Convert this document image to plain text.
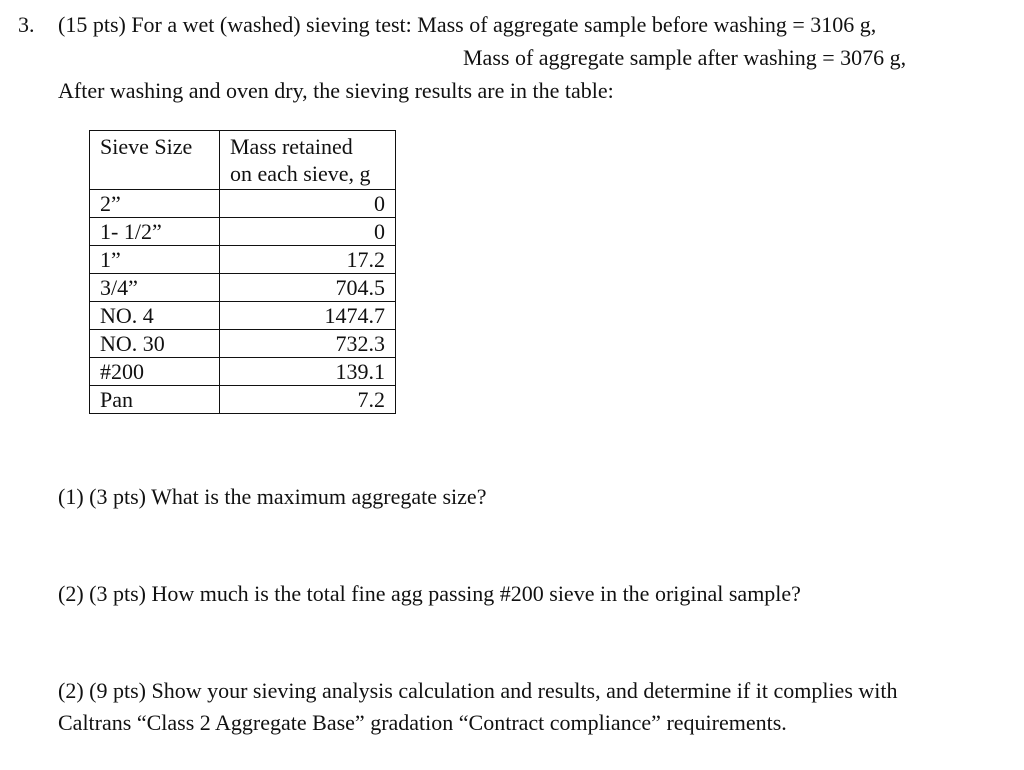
3. (15 pts) For a wet (washed) sieving test: Mass of aggregate sample before washing = 3106 g,
Mass of aggregate sample after washing = 3076 g,
After washing and oven dry, the sieving results are in the table:
Sieve Size	Mass retained
on each sieve, g
2”	0
1- 1/2”	0
1”	17.2
3/4”	704.5
NO. 4	1474.7
NO. 30	732.3
#200	139.1
Pan	7.2
(1) (3 pts) What is the maximum aggregate size?
(2) (3 pts) How much is the total fine agg passing #200 sieve in the original sample?
(2) (9 pts) Show your sieving analysis calculation and results, and determine if it complies with
Caltrans “Class 2 Aggregate Base” gradation “Contract compliance” requirements.
